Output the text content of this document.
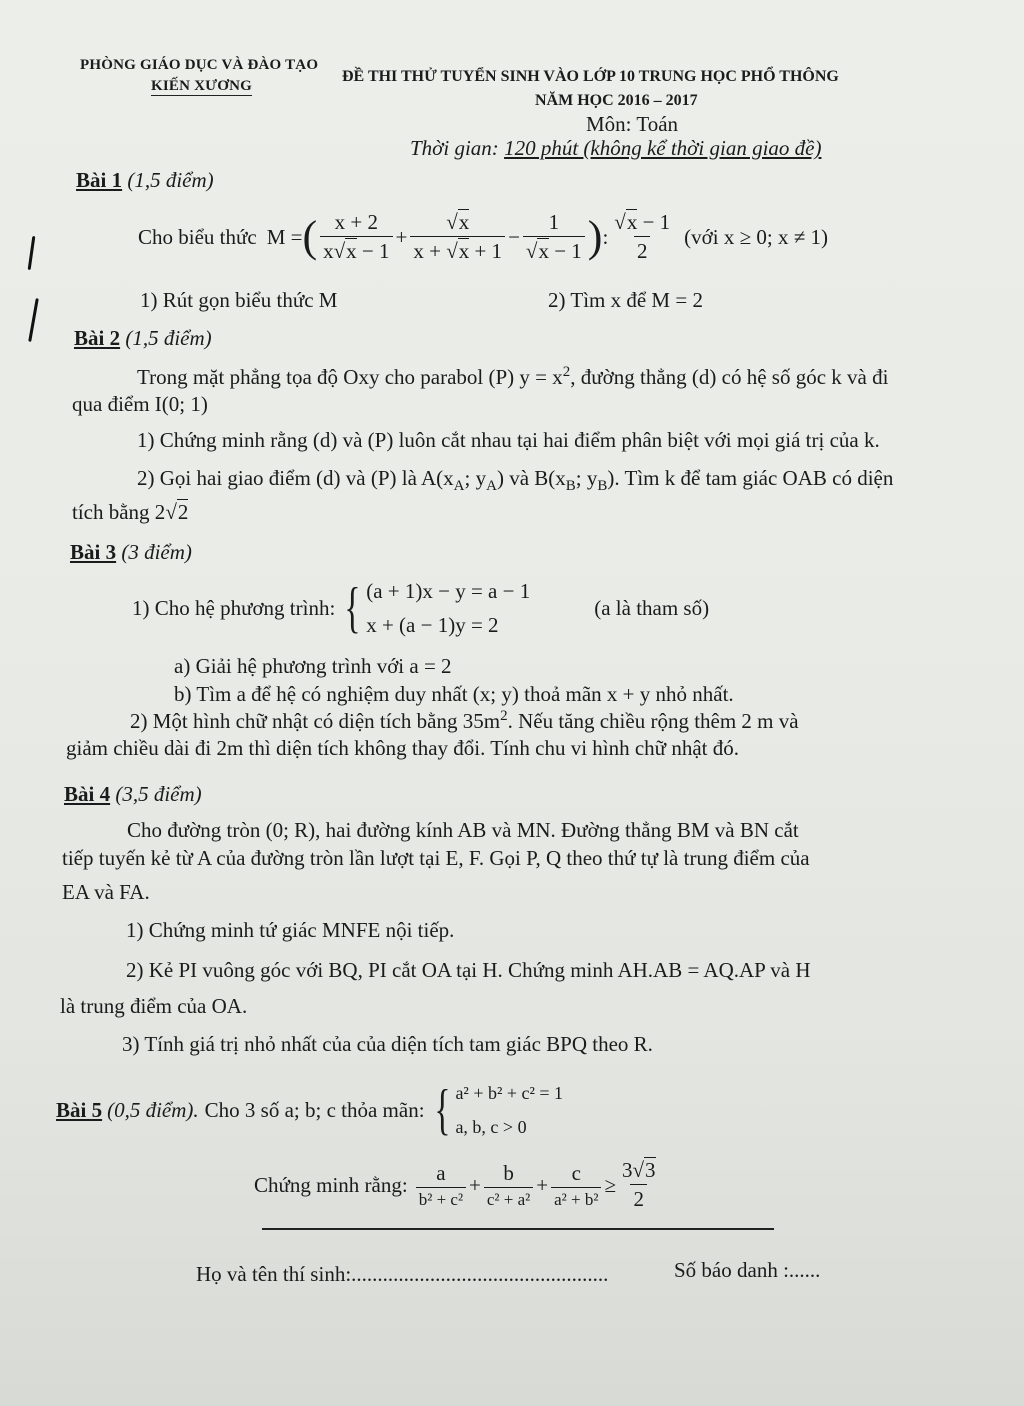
PHÒNG GIÁO DỤC VÀ ĐÀO TẠO
KIẾN XƯƠNG
ĐỀ THI THỬ TUYỂN SINH VÀO LỚP 10 TRUNG HỌC PHỔ THÔNG
NĂM HỌC 2016 – 2017
Môn: Toán
Thời gian: 120 phút (không kể thời gian giao đề)
Bài 1 (1,5 điểm)
Cho biểu thức M = ( $\frac{x + 2}{x√x - 1} + \frac{√x}{x + √x + 1} - \frac{1}{√x - 1}$ ) : $\frac{√x - 1}{2}$ (với x ≥ 0; x ≠ 1)
1) Rút gọn biểu thức M	2) Tìm x để M = 2
Bài 2 (1,5 điểm)
Trong mặt phẳng tọa độ Oxy cho parabol (P) $y = x^2$, đường thẳng (d) có hệ số góc k và đi
qua điểm I(0; 1)
1) Chứng minh rằng (d) và (P) luôn cắt nhau tại hai điểm phân biệt với mọi giá trị của k.
2) Gọi hai giao điểm (d) và (P) là $A(x_A$; $y_A$) và $B(x_B$; $y_B$). Tìm k để tam giác OAB có diện
tích bằng 2√2
Bài 3 (3 điểm)
1) Cho hệ phương trình: { (a + 1)x − y = a − 1
x + (a − 1)y = 2
(a là tham số)
a) Giải hệ phương trình với a = 2
b) Tìm a để hệ có nghiệm duy nhất (x; y) thoả mãn x + y nhỏ nhất.
2) Một hình chữ nhật có diện tích bằng $35m^2$. Nếu tăng chiều rộng thêm 2 m và
giảm chiều dài đi 2m thì diện tích không thay đổi. Tính chu vi hình chữ nhật đó.
Bài 4 (3,5 điểm)
Cho đường tròn (0; R), hai đường kính AB và MN. Đường thẳng BM và BN cắt
tiếp tuyến kẻ từ A của đường tròn lần lượt tại E, F. Gọi P, Q theo thứ tự là trung điểm của
EA và FA.
1) Chứng minh tứ giác MNFE nội tiếp.
2) Kẻ PI vuông góc với BQ, PI cắt OA tại H. Chứng minh AH.AB = AQ.AP và H
là trung điểm của OA.
3) Tính giá trị nhỏ nhất của của diện tích tam giác BPQ theo R.
Bài 5 (0,5 điểm). Cho 3 số a; b; c thỏa mãn: { a² + b² + c² = 1
a, b, c > 0
Chứng minh rằng: $\frac{a}{\text{b² + c²}} + \frac{b}{\text{c² + a²}} + \frac{c}{\text{a² + b²}} \ge \frac{3√3}{2}$
Họ và tên thí sinh:.................................................	Số báo danh :......
